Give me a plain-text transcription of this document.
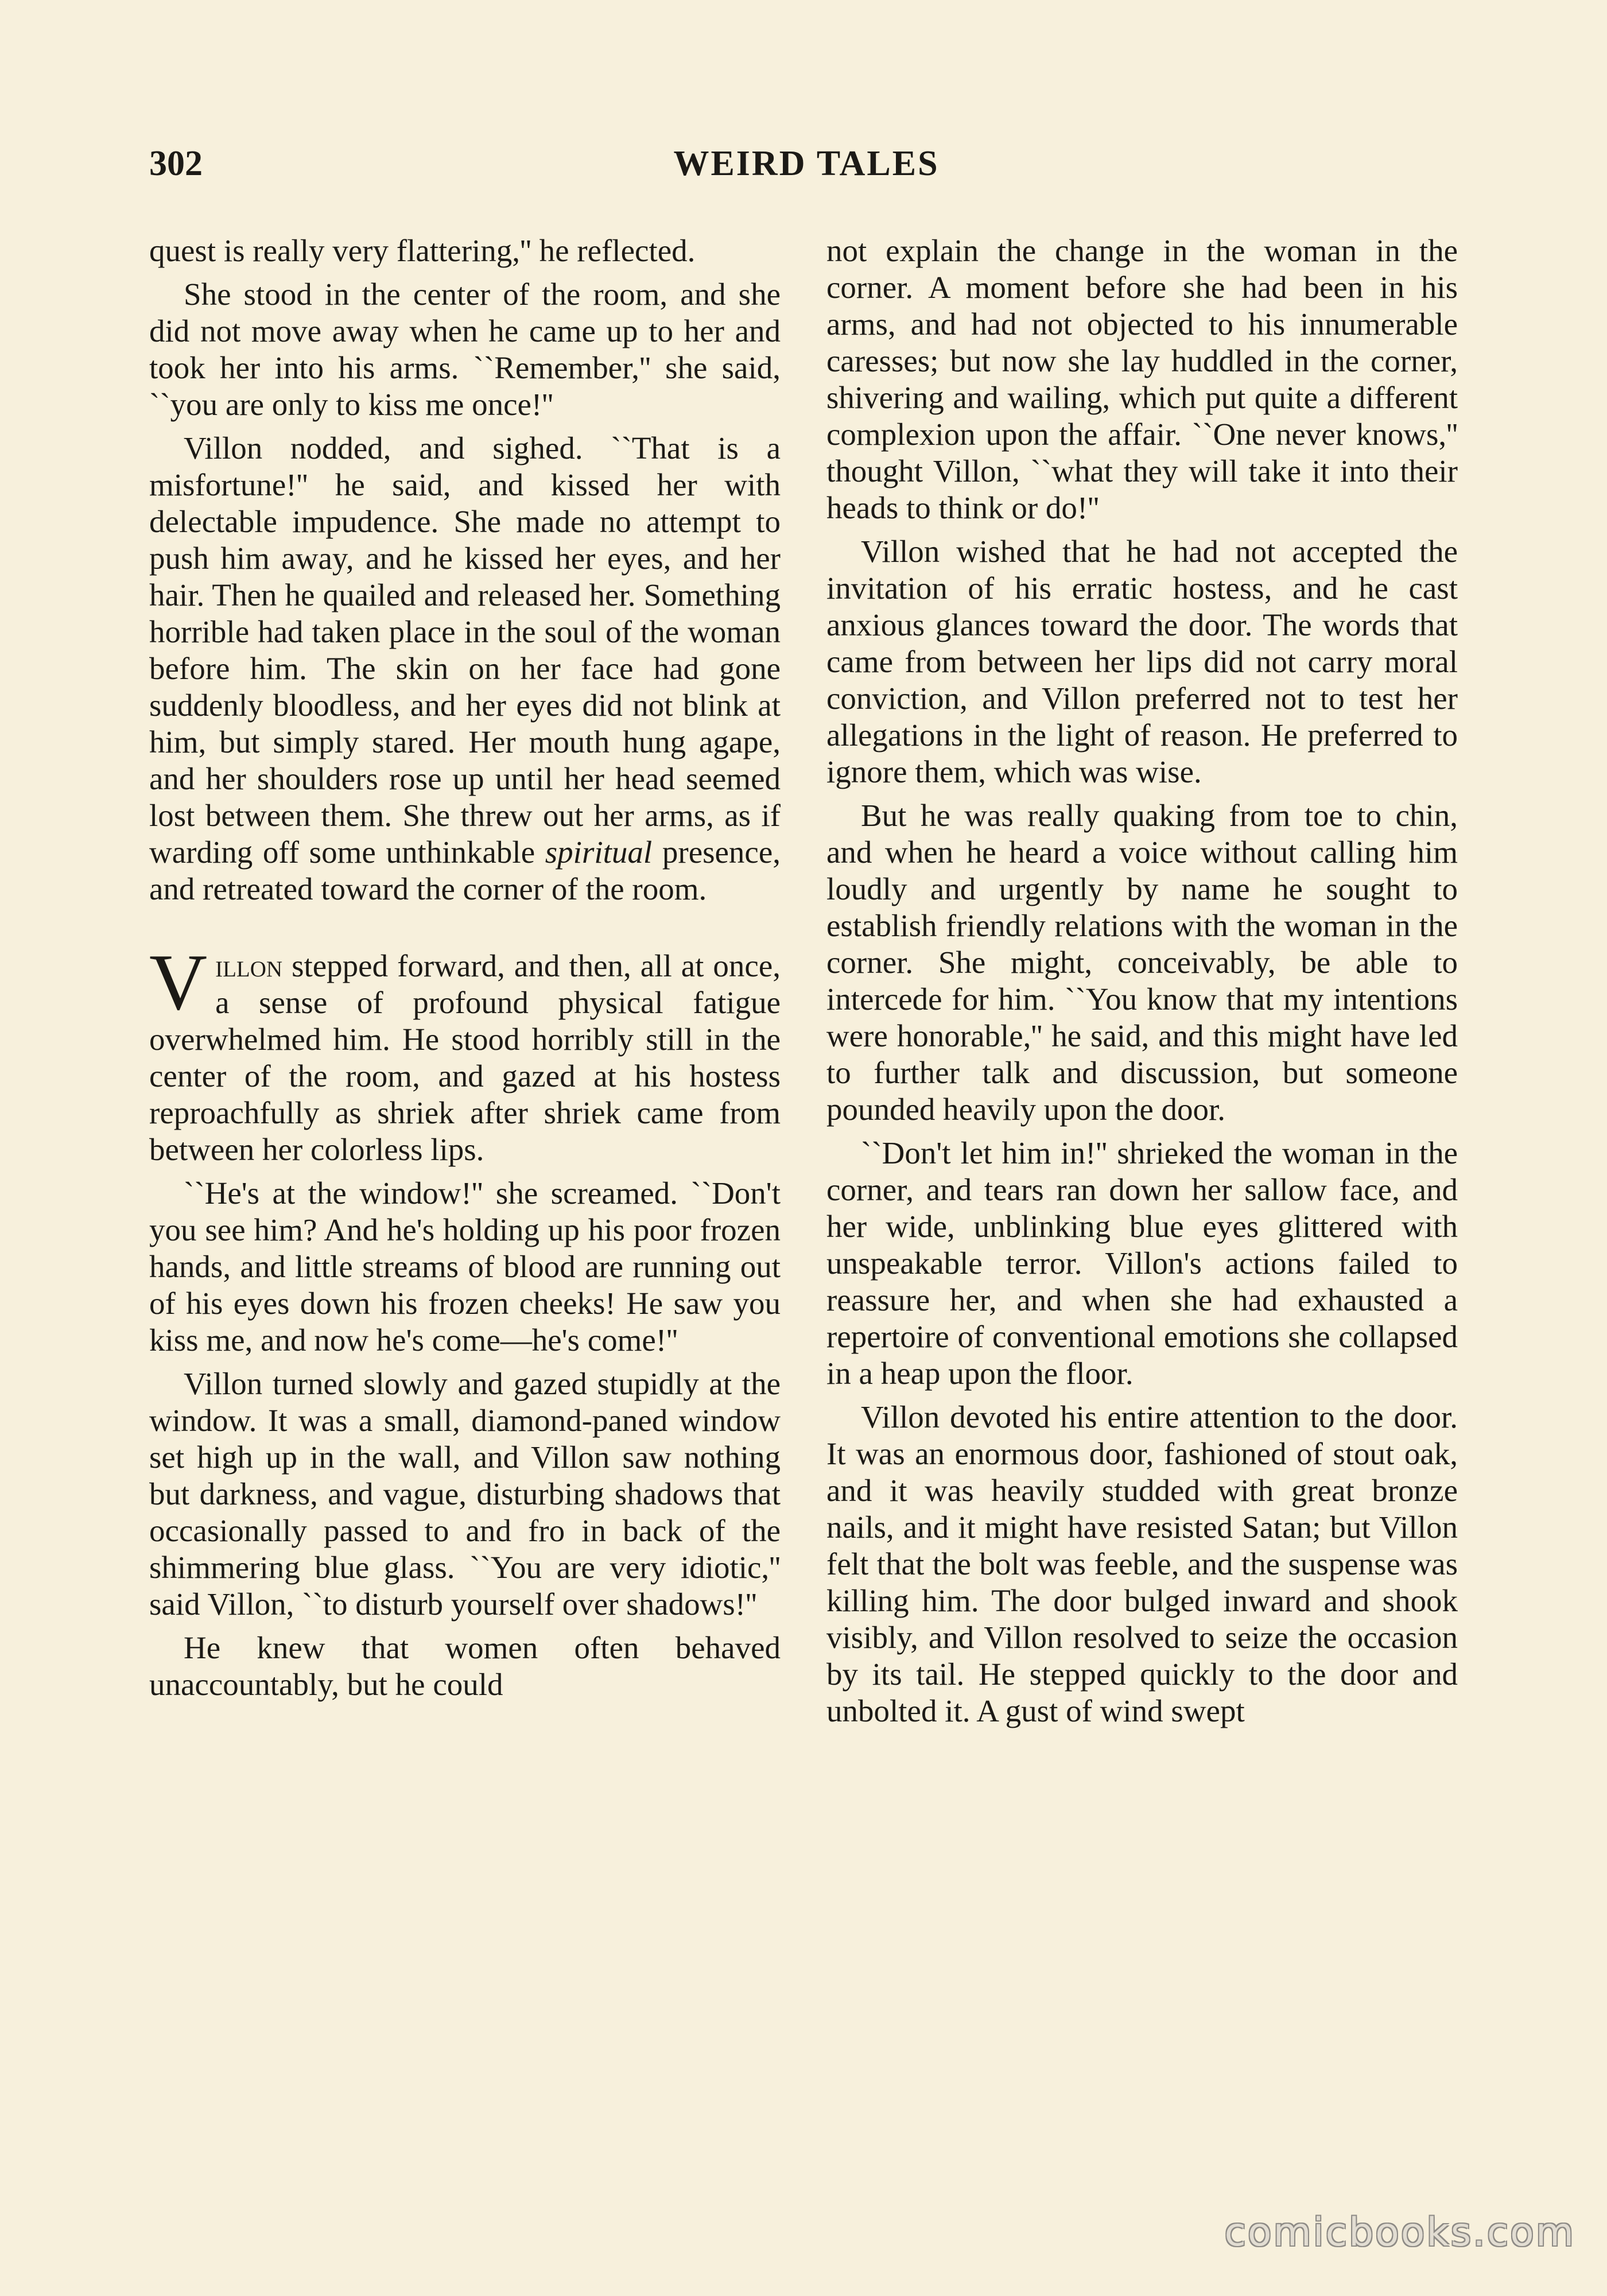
302	WEIRD TALES

quest is really very flattering,'' he reflected.

She stood in the center of the room, and she did not move away when he came up to her and took her into his arms. ``Remember,'' she said, ``you are only to kiss me once!''

Villon nodded, and sighed. ``That is a misfortune!'' he said, and kissed her with delectable impudence. She made no attempt to push him away, and he kissed her eyes, and her hair. Then he quailed and released her. Something horrible had taken place in the soul of the woman before him. The skin on her face had gone suddenly bloodless, and her eyes did not blink at him, but simply stared. Her mouth hung agape, and her shoulders rose up until her head seemed lost between them. She threw out her arms, as if warding off some unthinkable spiritual presence, and retreated toward the corner of the room.

Villon stepped forward, and then, all at once, a sense of profound physical fatigue overwhelmed him. He stood horribly still in the center of the room, and gazed at his hostess reproachfully as shriek after shriek came from between her colorless lips.

``He's at the window!'' she screamed. ``Don't you see him? And he's holding up his poor frozen hands, and little streams of blood are running out of his eyes down his frozen cheeks! He saw you kiss me, and now he's come—he's come!''

Villon turned slowly and gazed stupidly at the window. It was a small, diamond-paned window set high up in the wall, and Villon saw nothing but darkness, and vague, disturbing shadows that occasionally passed to and fro in back of the shimmering blue glass. ``You are very idiotic,'' said Villon, ``to disturb yourself over shadows!''

He knew that women often behaved unaccountably, but he could

not explain the change in the woman in the corner. A moment before she had been in his arms, and had not objected to his innumerable caresses; but now she lay huddled in the corner, shivering and wailing, which put quite a different complexion upon the affair. ``One never knows,'' thought Villon, ``what they will take it into their heads to think or do!''

Villon wished that he had not accepted the invitation of his erratic hostess, and he cast anxious glances toward the door. The words that came from between her lips did not carry moral conviction, and Villon preferred not to test her allegations in the light of reason. He preferred to ignore them, which was wise.

But he was really quaking from toe to chin, and when he heard a voice without calling him loudly and urgently by name he sought to establish friendly relations with the woman in the corner. She might, conceivably, be able to intercede for him. ``You know that my intentions were honorable,'' he said, and this might have led to further talk and discussion, but someone pounded heavily upon the door.

``Don't let him in!'' shrieked the woman in the corner, and tears ran down her sallow face, and her wide, unblinking blue eyes glittered with unspeakable terror. Villon's actions failed to reassure her, and when she had exhausted a repertoire of conventional emotions she collapsed in a heap upon the floor.

Villon devoted his entire attention to the door. It was an enormous door, fashioned of stout oak, and it was heavily studded with great bronze nails, and it might have resisted Satan; but Villon felt that the bolt was feeble, and the suspense was killing him. The door bulged inward and shook visibly, and Villon resolved to seize the occasion by its tail. He stepped quickly to the door and unbolted it. A gust of wind swept

comicbooks.com
